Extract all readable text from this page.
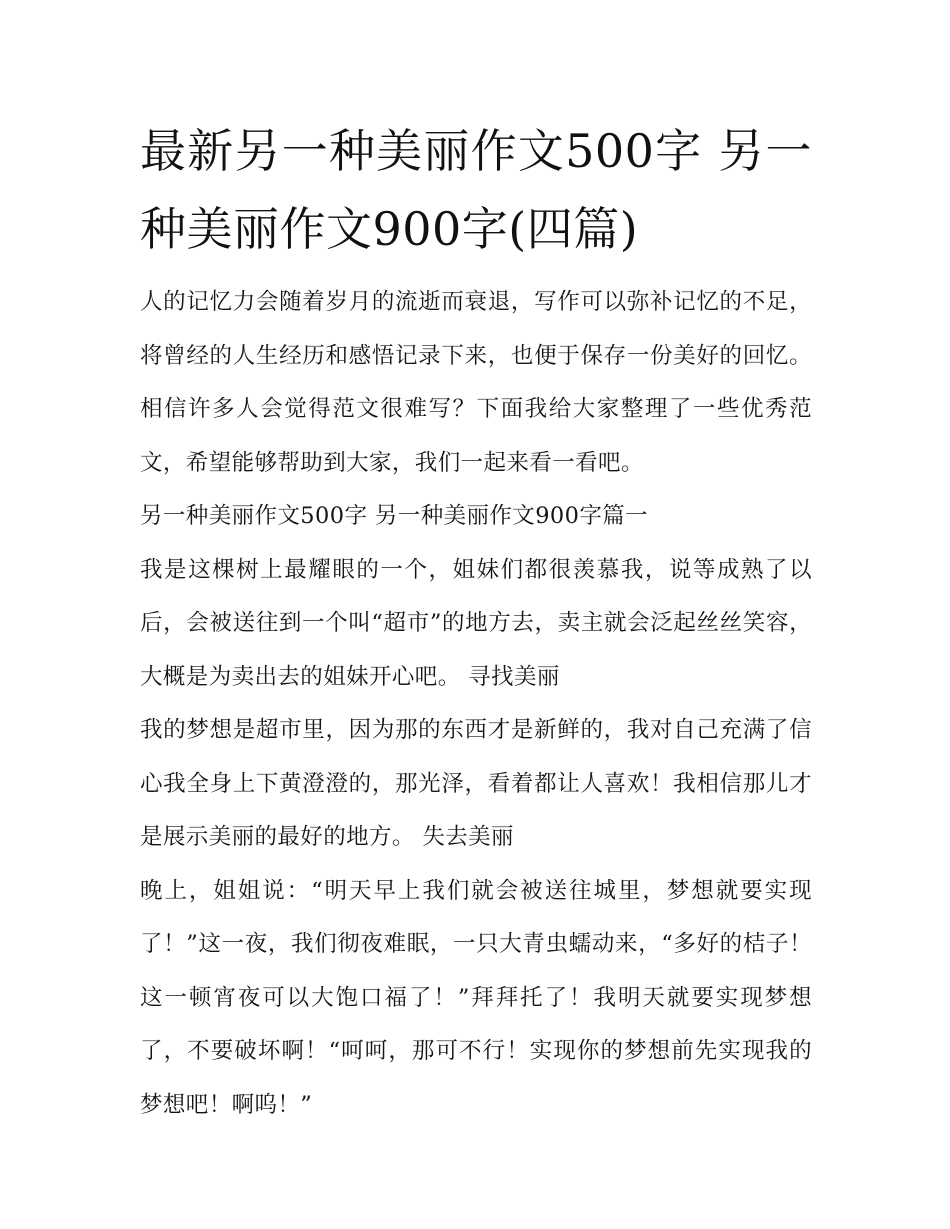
最新另一种美丽作文500字 另一种美丽作文900字(四篇)

人的记忆力会随着岁月的流逝而衰退，写作可以弥补记忆的不足，将曾经的人生经历和感悟记录下来，也便于保存一份美好的回忆。相信许多人会觉得范文很难写？下面我给大家整理了一些优秀范文，希望能够帮助到大家，我们一起来看一看吧。

另一种美丽作文500字 另一种美丽作文900字篇一

我是这棵树上最耀眼的一个，姐妹们都很羡慕我，说等成熟了以后，会被送往到一个叫“超市”的地方去，卖主就会泛起丝丝笑容，大概是为卖出去的姐妹开心吧。 寻找美丽

我的梦想是超市里，因为那的东西才是新鲜的，我对自己充满了信心我全身上下黄澄澄的，那光泽，看着都让人喜欢！我相信那儿才是展示美丽的最好的地方。 失去美丽

晚上，姐姐说：“明天早上我们就会被送往城里，梦想就要实现了！”这一夜，我们彻夜难眠，一只大青虫蠕动来，“多好的桔子！这一顿宵夜可以大饱口福了！”拜拜托了！我明天就要实现梦想了，不要破坏啊！“呵呵，那可不行！实现你的梦想前先实现我的梦想吧！啊呜！”
